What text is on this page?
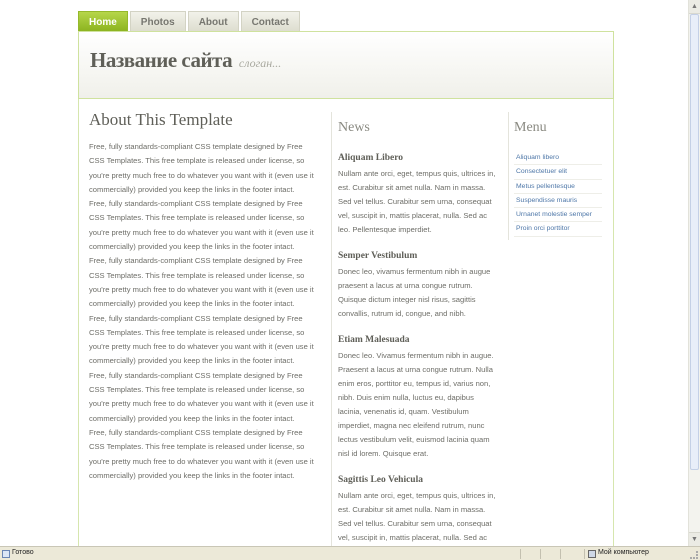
Home	Photos	About	Contact
Название сайта слоган...
About This Template

Free, fully standards-compliant CSS template designed by Free CSS Templates. This free template is released under license, so you're pretty much free to do whatever you want with it (even use it commercially) provided you keep the links in the footer intact.

Free, fully standards-compliant CSS template designed by Free CSS Templates. This free template is released under license, so you're pretty much free to do whatever you want with it (even use it commercially) provided you keep the links in the footer intact.

Free, fully standards-compliant CSS template designed by Free CSS Templates. This free template is released under license, so you're pretty much free to do whatever you want with it (even use it commercially) provided you keep the links in the footer intact.

Free, fully standards-compliant CSS template designed by Free CSS Templates. This free template is released under license, so you're pretty much free to do whatever you want with it (even use it commercially) provided you keep the links in the footer intact.

Free, fully standards-compliant CSS template designed by Free CSS Templates. This free template is released under license, so you're pretty much free to do whatever you want with it (even use it commercially) provided you keep the links in the footer intact.

Free, fully standards-compliant CSS template designed by Free CSS Templates. This free template is released under license, so you're pretty much free to do whatever you want with it (even use it commercially) provided you keep the links in the footer intact.

News
Aliquam Libero
Nullam ante orci, eget, tempus quis, ultrices in, est. Curabitur sit amet nulla. Nam in massa. Sed vel tellus. Curabitur sem urna, consequat vel, suscipit in, mattis placerat, nulla. Sed ac leo. Pellentesque imperdiet.
Semper Vestibulum
Donec leo, vivamus fermentum nibh in augue praesent a lacus at urna congue rutrum. Quisque dictum integer nisl risus, sagittis convallis, rutrum id, congue, and nibh.
Etiam Malesuada
Donec leo. Vivamus fermentum nibh in augue. Praesent a lacus at urna congue rutrum. Nulla enim eros, porttitor eu, tempus id, varius non, nibh. Duis enim nulla, luctus eu, dapibus lacinia, venenatis id, quam. Vestibulum imperdiet, magna nec eleifend rutrum, nunc lectus vestibulum velit, euismod lacinia quam nisl id lorem. Quisque erat.
Sagittis Leo Vehicula
Nullam ante orci, eget, tempus quis, ultrices in, est. Curabitur sit amet nulla. Nam in massa. Sed vel tellus. Curabitur sem urna, consequat vel, suscipit in, mattis placerat, nulla. Sed ac
Menu
Aliquam libero
Consectetuer elit
Metus pellentesque
Suspendisse mauris
Urnanet molestie semper
Proin orci porttitor
▲
▼
Готово	Мой компьютер
